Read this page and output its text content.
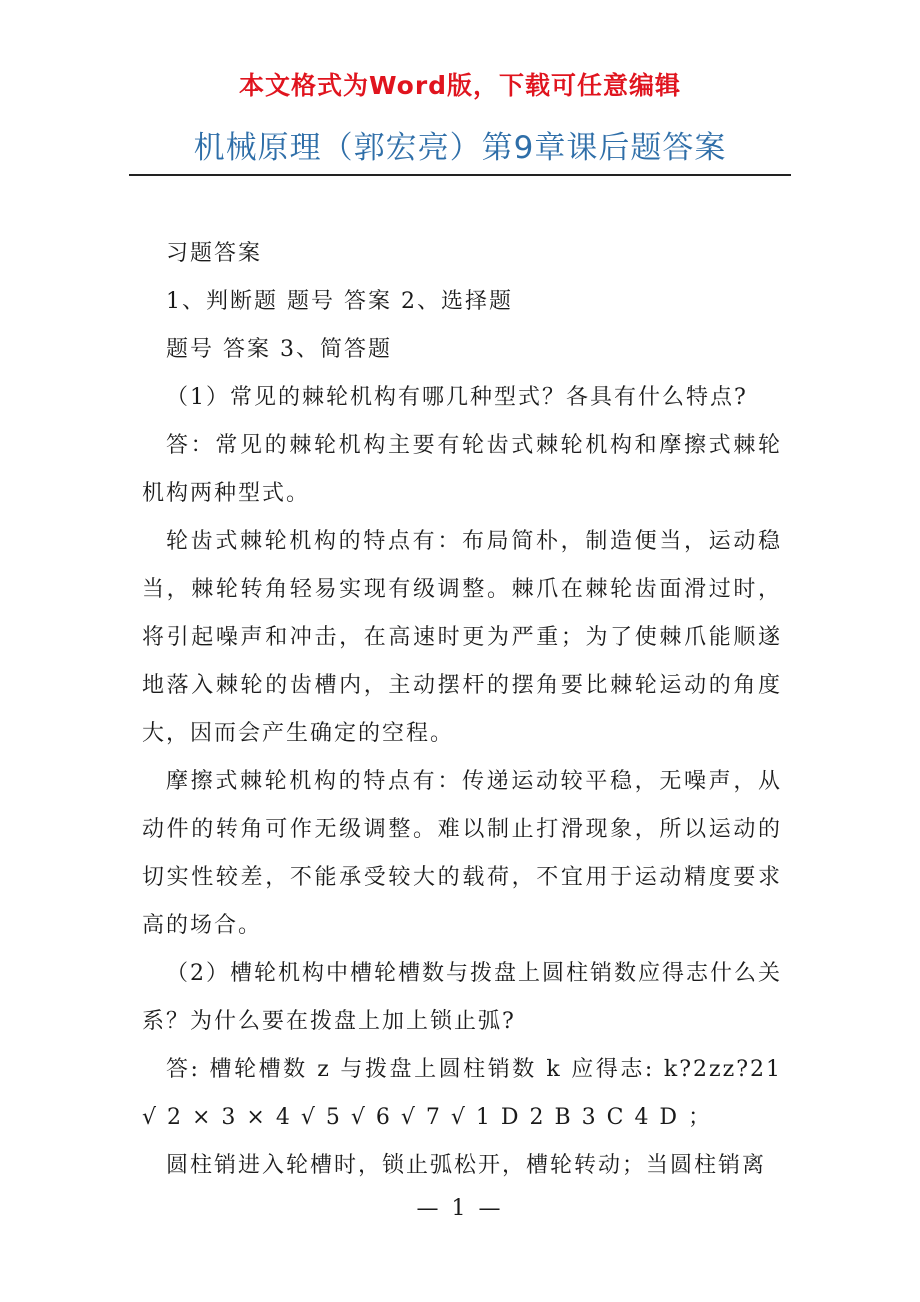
本文格式为Word版，下载可任意编辑
机械原理（郭宏亮）第9章课后题答案

习题答案

1、判断题 题号 答案 2、选择题

题号 答案 3、简答题

（1）常见的棘轮机构有哪几种型式？各具有什么特点?

答：常见的棘轮机构主要有轮齿式棘轮机构和摩擦式棘轮机构两种型式。

轮齿式棘轮机构的特点有：布局简朴，制造便当，运动稳当，棘轮转角轻易实现有级调整。棘爪在棘轮齿面滑过时，将引起噪声和冲击，在高速时更为严重；为了使棘爪能顺遂地落入棘轮的齿槽内，主动摆杆的摆角要比棘轮运动的角度大，因而会产生确定的空程。

摩擦式棘轮机构的特点有：传递运动较平稳，无噪声，从动件的转角可作无级调整。难以制止打滑现象，所以运动的切实性较差，不能承受较大的载荷，不宜用于运动精度要求高的场合。

（2）槽轮机构中槽轮槽数与拨盘上圆柱销数应得志什么关系？为什么要在拨盘上加上锁止弧?

答: 槽轮槽数 z 与拨盘上圆柱销数 k 应得志: k?2zz?21 √ 2 × 3 × 4 √ 5 √ 6 √ 7 √ 1 D 2 B 3 C 4 D ；

圆柱销进入轮槽时，锁止弧松开，槽轮转动；当圆柱销离

— 1 —
